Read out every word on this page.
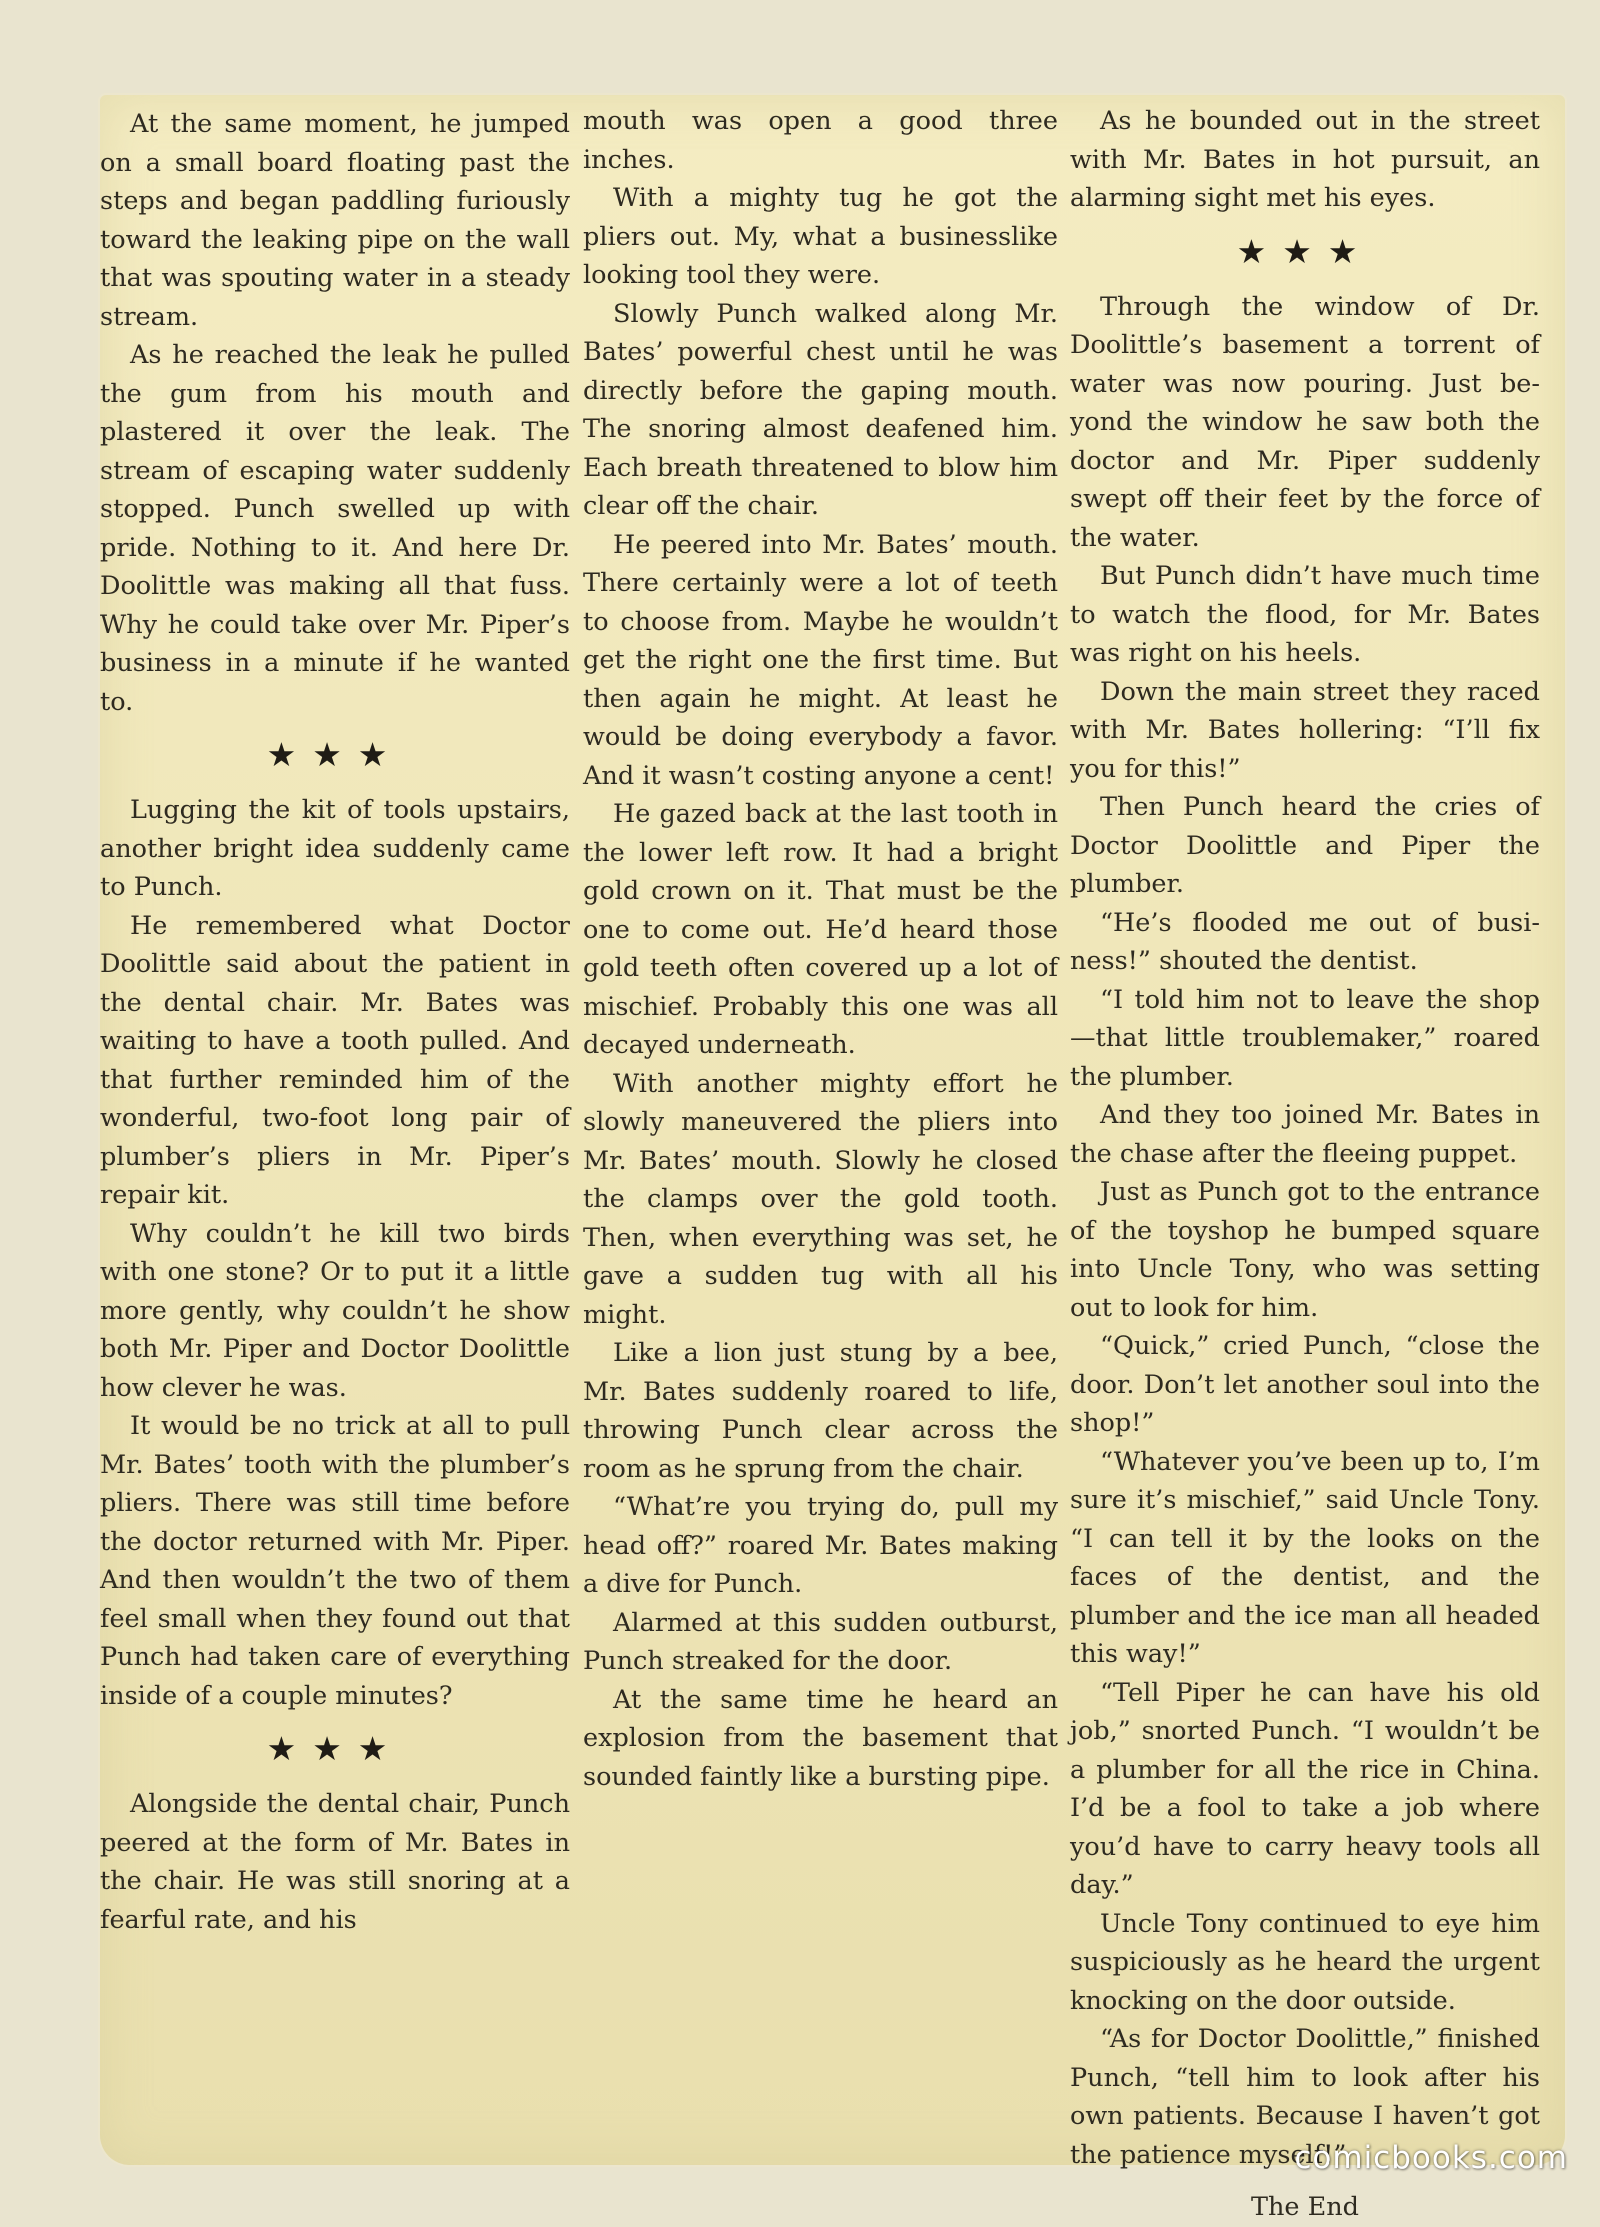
At the same moment, he jumped on a small board floating past the steps and began paddling furiously toward the leaking pipe on the wall that was spouting water in a steady stream.

As he reached the leak he pulled the gum from his mouth and plastered it over the leak. The stream of escaping water suddenly stopped. Punch swelled up with pride. Nothing to it. And here Dr. Doolittle was making all that fuss. Why he could take over Mr. Piper’s business in a minute if he wanted to.

★★★

Lugging the kit of tools upstairs, another bright idea suddenly came to Punch.

He remembered what Doctor Doolittle said about the patient in the dental chair. Mr. Bates was waiting to have a tooth pulled. And that further reminded him of the wonderful, two-foot long pair of plumber’s pliers in Mr. Piper’s repair kit.

Why couldn’t he kill two birds with one stone? Or to put it a little more gently, why couldn’t he show both Mr. Piper and Doctor Doolittle how clever he was.

It would be no trick at all to pull Mr. Bates’ tooth with the plumber’s pliers. There was still time before the doctor returned with Mr. Piper. And then wouldn’t the two of them feel small when they found out that Punch had taken care of everything inside of a couple minutes?

★★★

Alongside the dental chair, Punch peered at the form of Mr. Bates in the chair. He was still snoring at a fearful rate, and his

mouth was open a good three inches.

With a mighty tug he got the pliers out. My, what a businesslike looking tool they were.

Slowly Punch walked along Mr. Bates’ powerful chest until he was directly before the gaping mouth. The snoring almost deafened him. Each breath threatened to blow him clear off the chair.

He peered into Mr. Bates’ mouth. There certainly were a lot of teeth to choose from. Maybe he wouldn’t get the right one the first time. But then again he might. At least he would be doing everybody a favor. And it wasn’t costing anyone a cent!

He gazed back at the last tooth in the lower left row. It had a bright gold crown on it. That must be the one to come out. He’d heard those gold teeth often covered up a lot of mischief. Probably this one was all decayed underneath.

With another mighty effort he slowly maneuvered the pliers into Mr. Bates’ mouth. Slowly he closed the clamps over the gold tooth. Then, when everything was set, he gave a sudden tug with all his might.

Like a lion just stung by a bee, Mr. Bates suddenly roared to life, throwing Punch clear across the room as he sprung from the chair.

“What’re you trying do, pull my head off?” roared Mr. Bates making a dive for Punch.

Alarmed at this sudden outburst, Punch streaked for the door.

At the same time he heard an explosion from the basement that sounded faintly like a bursting pipe.

As he bounded out in the street with Mr. Bates in hot pursuit, an alarming sight met his eyes.

★★★

Through the window of Dr. Doolittle’s basement a torrent of water was now pouring. Just beyond the window he saw both the doctor and Mr. Piper suddenly swept off their feet by the force of the water.

But Punch didn’t have much time to watch the flood, for Mr. Bates was right on his heels.

Down the main street they raced with Mr. Bates hollering: “I’ll fix you for this!”

Then Punch heard the cries of Doctor Doolittle and Piper the plumber.

“He’s flooded me out of business!” shouted the dentist.

“I told him not to leave the shop—that little troublemaker,” roared the plumber.

And they too joined Mr. Bates in the chase after the fleeing puppet.

Just as Punch got to the entrance of the toyshop he bumped square into Uncle Tony, who was setting out to look for him.

“Quick,” cried Punch, “close the door. Don’t let another soul into the shop!”

“Whatever you’ve been up to, I’m sure it’s mischief,” said Uncle Tony. “I can tell it by the looks on the faces of the dentist, and the plumber and the ice man all headed this way!”

“Tell Piper he can have his old job,” snorted Punch. “I wouldn’t be a plumber for all the rice in China. I’d be a fool to take a job where you’d have to carry heavy tools all day.”

Uncle Tony continued to eye him suspiciously as he heard the urgent knocking on the door outside.

“As for Doctor Doolittle,” finished Punch, “tell him to look after his own patients. Because I haven’t got the patience myself!”

The End
comicbooks.com
